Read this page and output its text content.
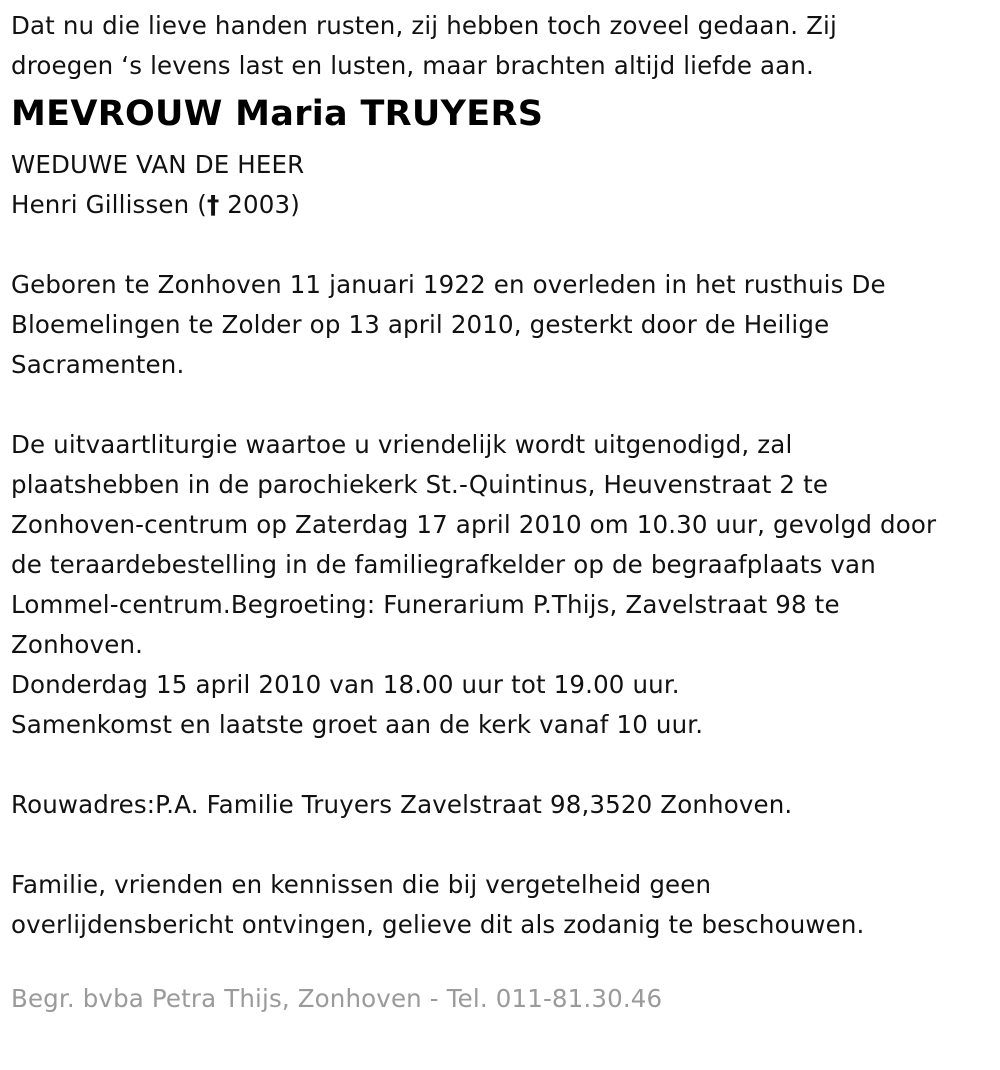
Dat nu die lieve handen rusten, zij hebben toch zoveel gedaan. Zij
droegen ‘s levens last en lusten, maar brachten altijd liefde aan.
MEVROUW Maria TRUYERS
WEDUWE VAN DE HEER
Henri Gillissen († 2003)
Geboren te Zonhoven 11 januari 1922 en overleden in het rusthuis De
Bloemelingen te Zolder op 13 april 2010, gesterkt door de Heilige
Sacramenten.
De uitvaartliturgie waartoe u vriendelijk wordt uitgenodigd, zal
plaatshebben in de parochiekerk St.-Quintinus, Heuvenstraat 2 te
Zonhoven-centrum op Zaterdag 17 april 2010 om 10.30 uur, gevolgd door
de teraardebestelling in de familiegrafkelder op de begraafplaats van
Lommel-centrum.Begroeting: Funerarium P.Thijs, Zavelstraat 98 te
Zonhoven.
Donderdag 15 april 2010 van 18.00 uur tot 19.00 uur.
Samenkomst en laatste groet aan de kerk vanaf 10 uur.
Rouwadres:P.A. Familie Truyers Zavelstraat 98,3520 Zonhoven.
Familie, vrienden en kennissen die bij vergetelheid geen
overlijdensbericht ontvingen, gelieve dit als zodanig te beschouwen.
Begr. bvba Petra Thijs, Zonhoven - Tel. 011-81.30.46
